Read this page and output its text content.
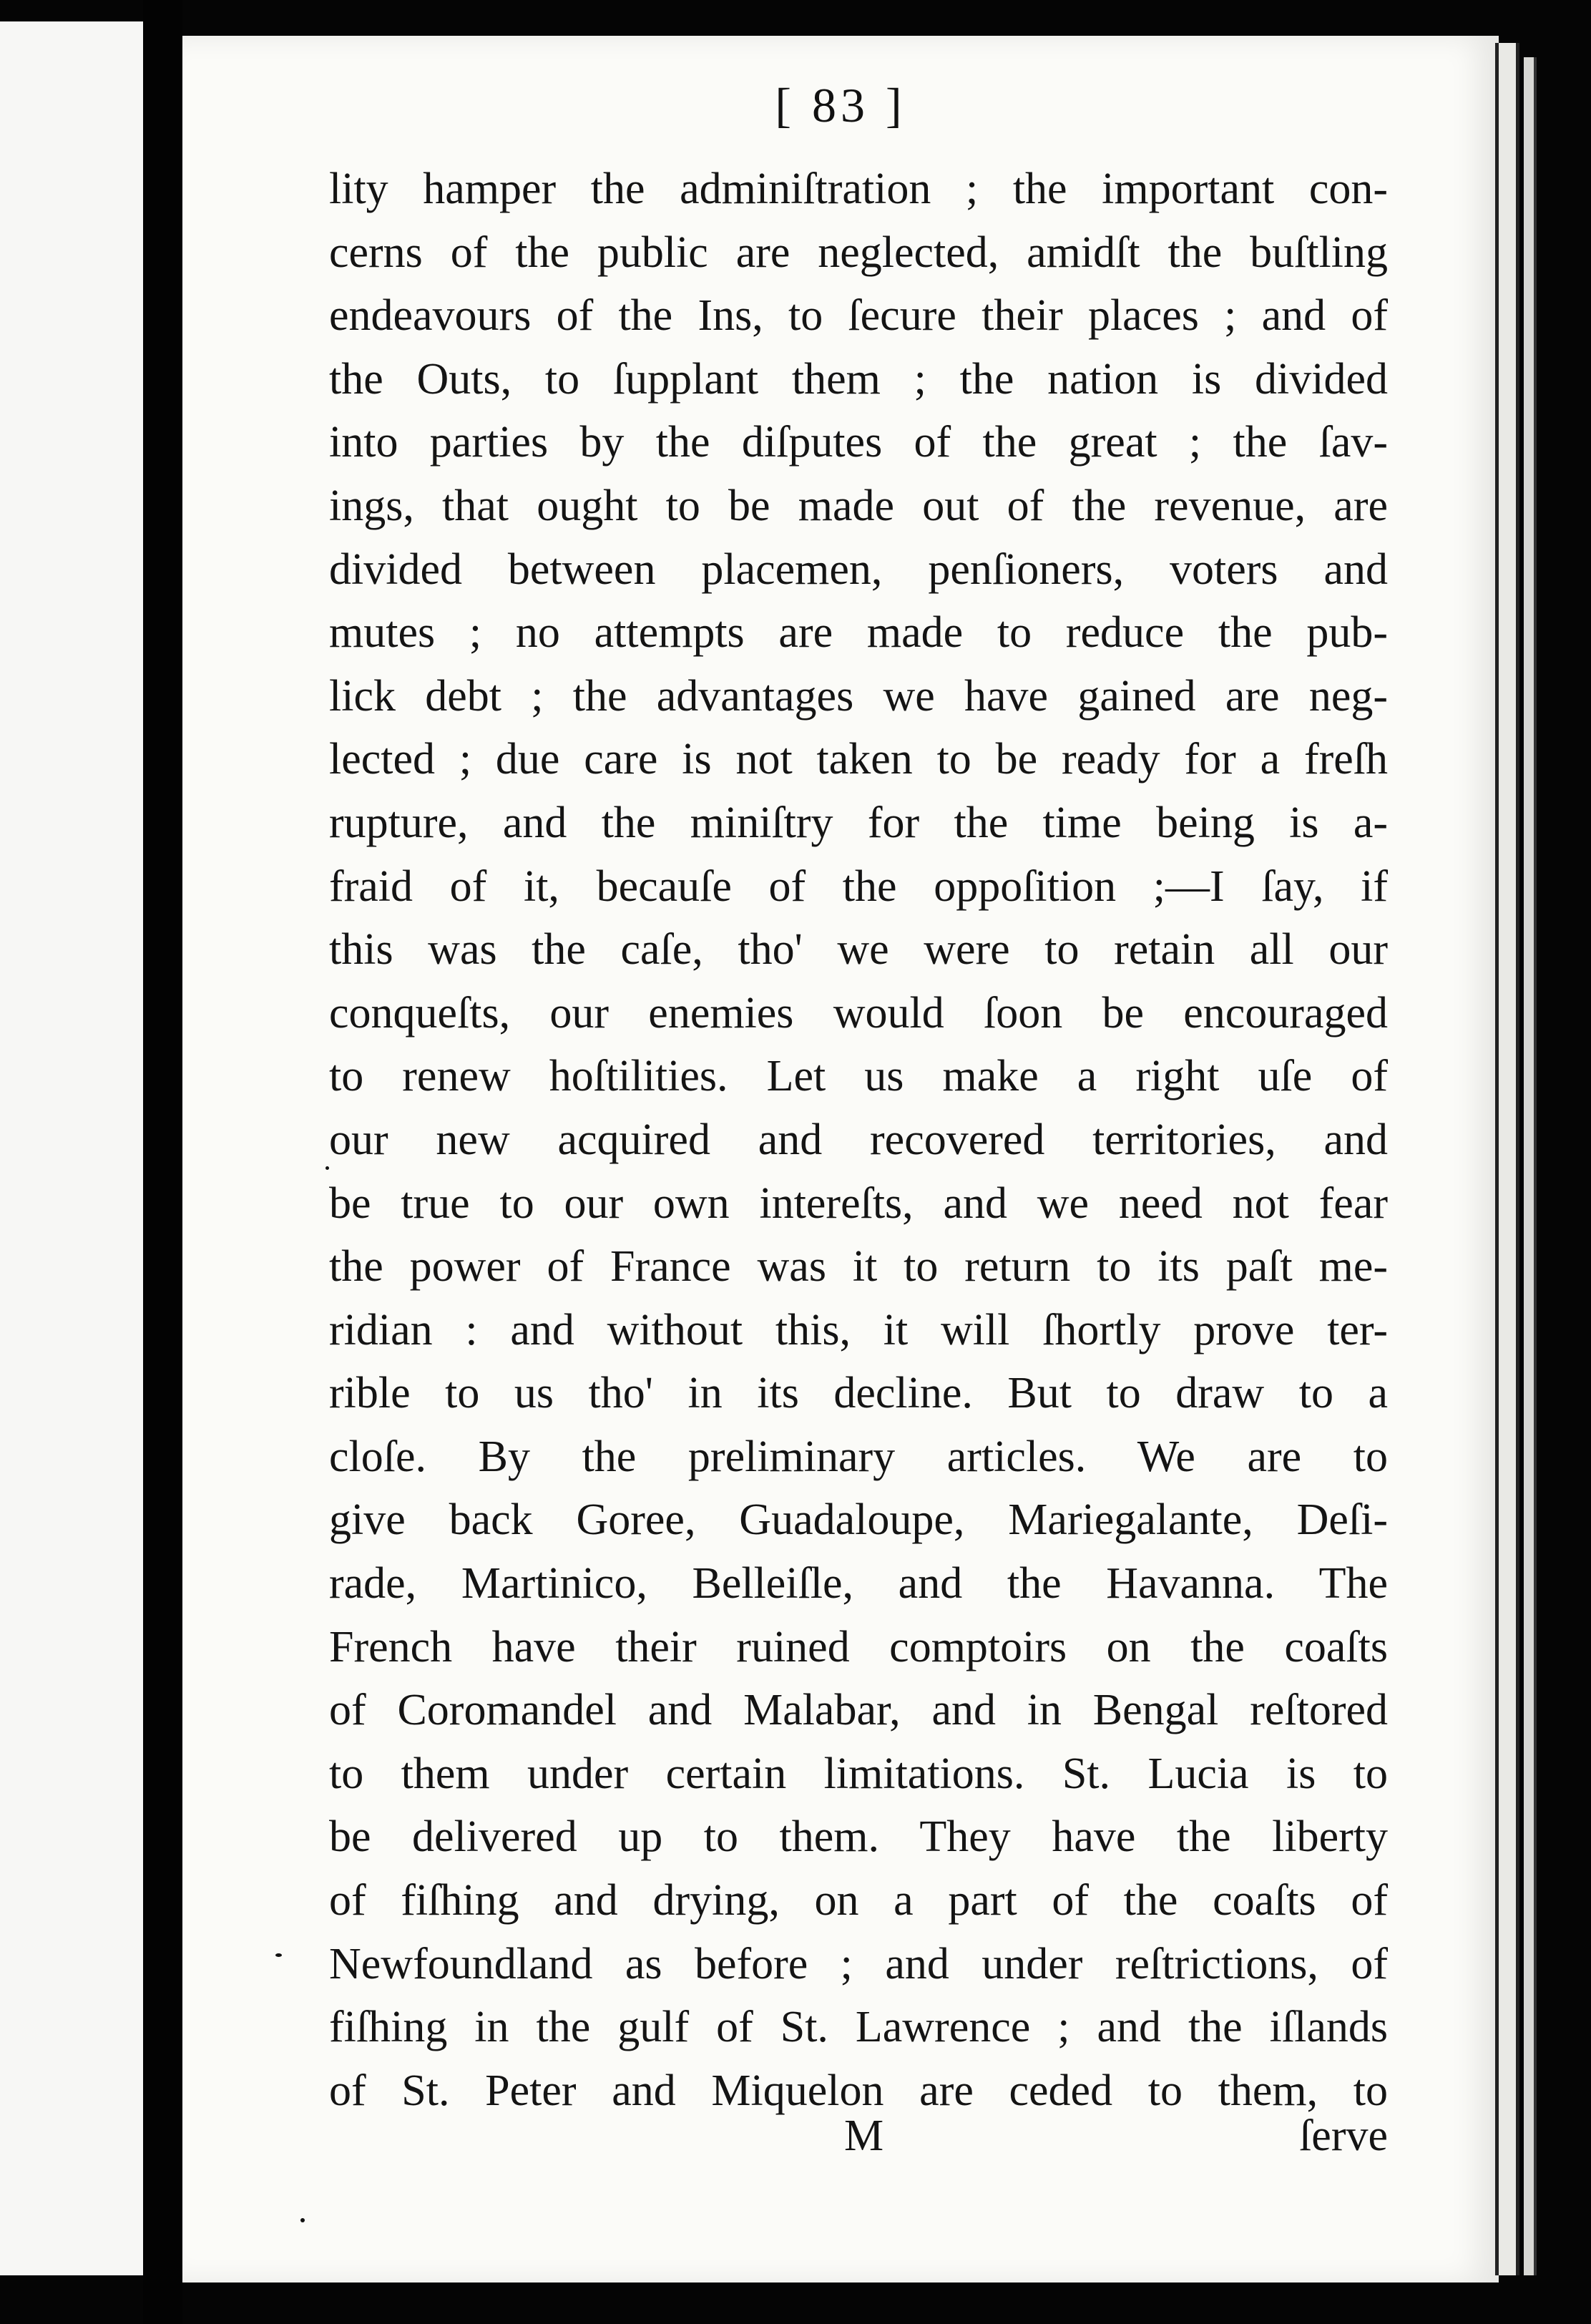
[ 83 ]
lity hamper the adminiſtration ; the important con-
cerns of the public are neglected, amidſt the buſtling
endeavours of the Ins, to ſecure their places ; and of
the Outs, to ſupplant them ; the nation is divided
into parties by the diſputes of the great ; the ſav-
ings, that ought to be made out of the revenue, are
divided between placemen, penſioners, voters and
mutes ; no attempts are made to reduce the pub-
lick debt ; the advantages we have gained are neg-
lected ; due care is not taken to be ready for a freſh
rupture, and the miniſtry for the time being is a-
fraid of it, becauſe of the oppoſition ;—I ſay, if
this was the caſe, tho' we were to retain all our
conqueſts, our enemies would ſoon be encouraged
to renew hoſtilities. Let us make a right uſe of
our new acquired and recovered territories, and
be true to our own intereſts, and we need not fear
the power of France was it to return to its paſt me-
ridian : and without this, it will ſhortly prove ter-
rible to us tho' in its decline. But to draw to a
cloſe. By the preliminary articles. We are to
give back Goree, Guadaloupe, Mariegalante, Deſi-
rade, Martinico, Belleiſle, and the Havanna. The
French have their ruined comptoirs on the coaſts
of Coromandel and Malabar, and in Bengal reſtored
to them under certain limitations. St. Lucia is to
be delivered up to them. They have the liberty
of fiſhing and drying, on a part of the coaſts of
Newfoundland as before ; and under reſtrictions, of
fiſhing in the gulf of St. Lawrence ; and the iſlands
of St. Peter and Miquelon are ceded to them, to
M	ſerve
